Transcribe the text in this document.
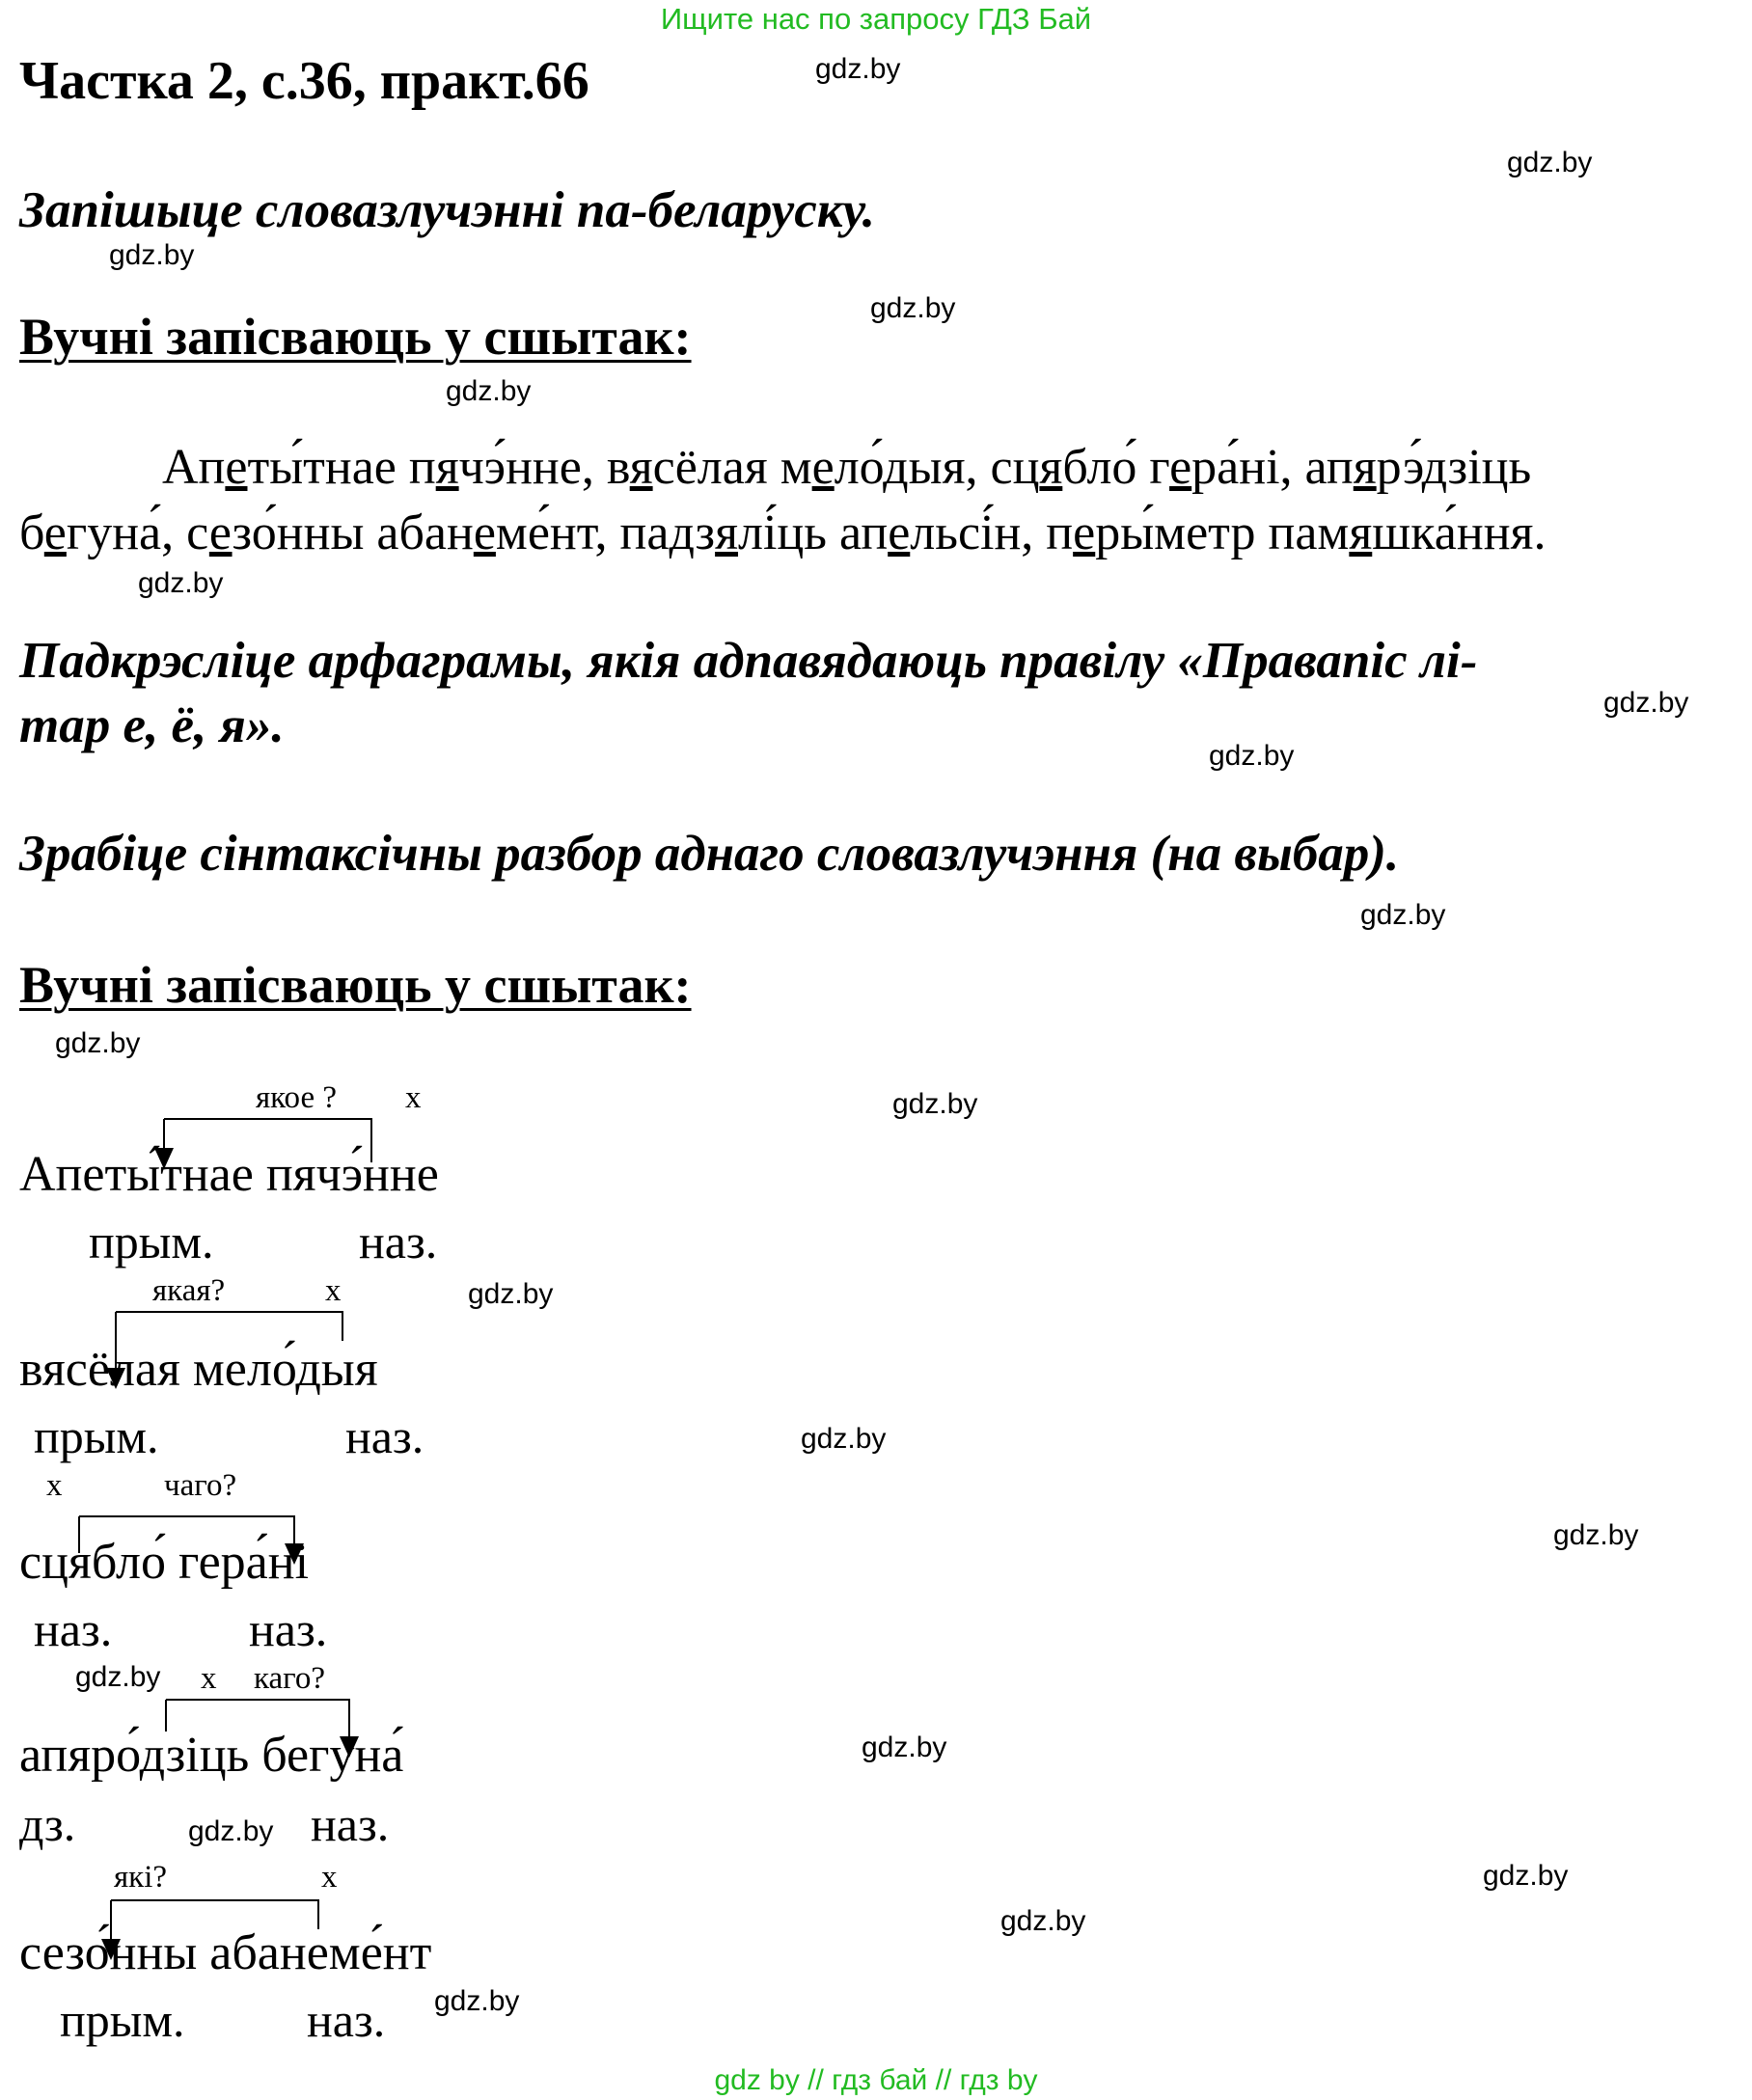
Ищите нас по запросу ГДЗ Бай
Частка 2, с.36, практ.66
Запішыце словазлучэнні па-беларуску.
Вучні запісваюць у сшытак:
Апеты́тнае пячэ́нне, вясёлая мело́дыя, сцябло́ гера́ні, апярэ́дзіць
бегуна́, сезо́нны абанеме́нт, падзялі́ць апельсі́н, перы́метр памяшка́ння.
Падкрэсліце арфаграмы, якія адпавядаюць правілу «Правапіс лі-
тар е, ё, я».
Зрабіце сінтаксічны разбор аднаго словазлучэння (на выбар).
Вучні запісваюць у сшытак:
якое ? х
Апеты́тнае пячэ́нне
прым.	наз.
якая?	х
вясёлая мело́дыя
прым.	наз.
х	чаго?
сцябло́ гера́ні
наз.	наз.
х каго?
апяро́дзіць бегуна́
дз.	наз.
які?	х
сезо́нны абанеме́нт
прым.	наз.
gdz.by
gdz.by
gdz.by
gdz.by
gdz.by
gdz.by
gdz.by
gdz.by
gdz.by
gdz.by
gdz.by
gdz.by
gdz.by
gdz.by
gdz.by
gdz.by
gdz.by
gdz.by
gdz.by
gdz.by
gdz by // гдз бай // гдз by
